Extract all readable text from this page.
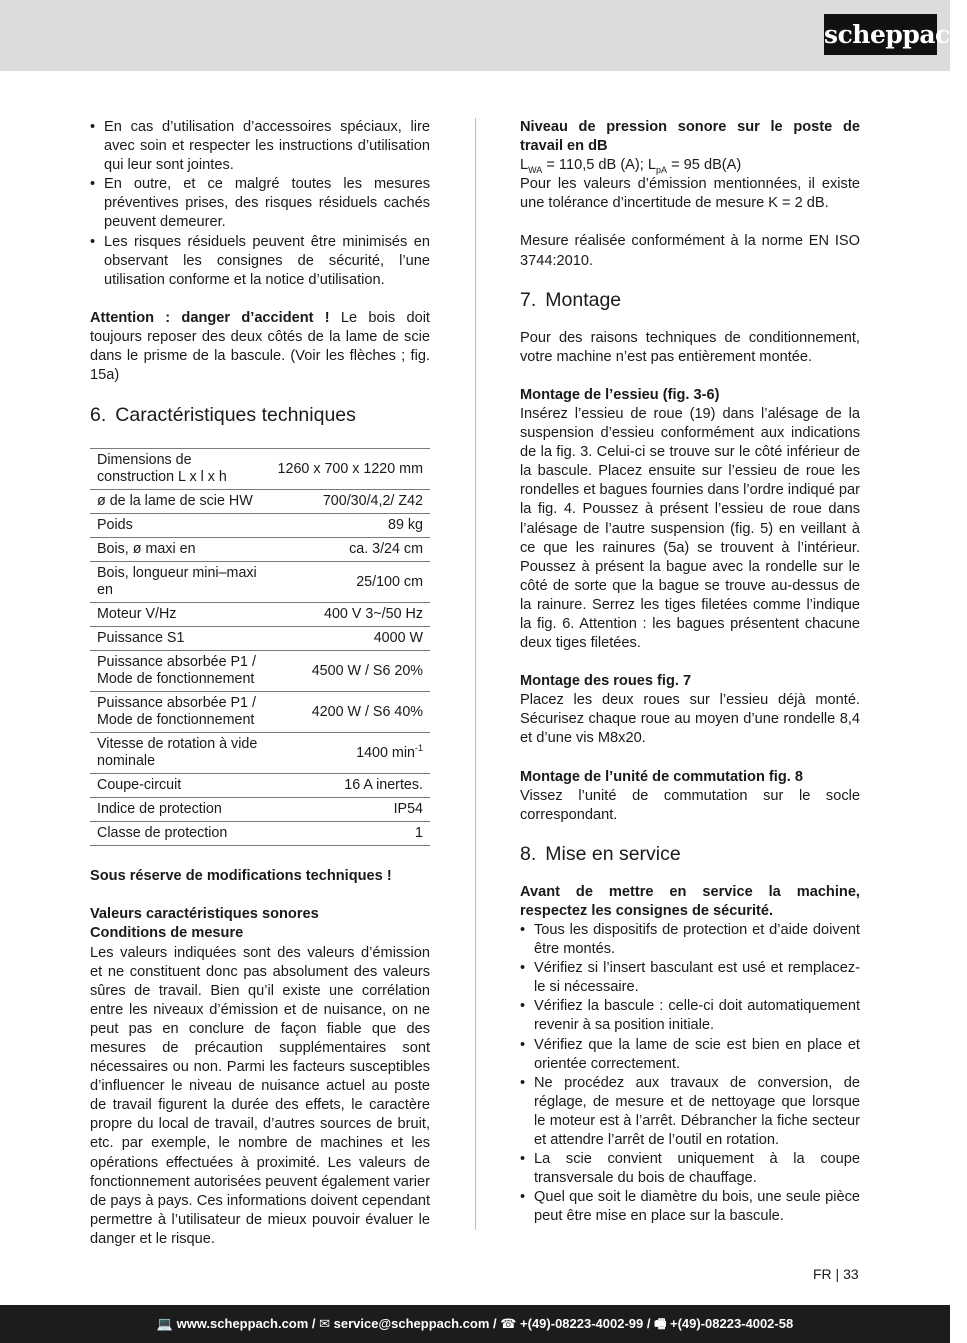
scheppach
• En cas d’utilisation d’accessoires spéciaux, lire avec soin et respecter les instructions d’utilisation qui leur sont jointes.
• En outre, et ce malgré toutes les mesures préventives prises, des risques résiduels cachés peuvent demeurer.
• Les risques résiduels peuvent être minimisés en observant les consignes de sécurité, l’une utilisation conforme et la notice d’utilisation.

Attention : danger d’accident ! Le bois doit toujours reposer des deux côtés de la lame de scie dans le prisme de la bascule. (Voir les flèches ; fig. 15a)

6. Caractéristiques techniques
Dimensions de construction L x l x h	1260 x 700 x 1220 mm
ø de la lame de scie HW	700/30/4,2/ Z42
Poids	89 kg
Bois, ø maxi en	ca. 3/24 cm
Bois, longueur mini–maxi en	25/100 cm
Moteur V/Hz	400 V 3~/50 Hz
Puissance S1	4000 W
Puissance absorbée P1 / Mode de fonctionnement	4500 W / S6 20%
Puissance absorbée P1 / Mode de fonctionnement	4200 W / S6 40%
Vitesse de rotation à vide nominale	1400 $\min^{-1}$
Coupe-circuit	16 A inertes.
Indice de protection	IP54
Classe de protection	1

Sous réserve de modifications techniques !

Valeurs caractéristiques sonores

Conditions de mesure

Les valeurs indiquées sont des valeurs d’émission et ne constituent donc pas absolument des valeurs sûres de travail. Bien qu’il existe une corrélation entre les niveaux d’émission et de nuisance, on ne peut pas en conclure de façon fiable que des mesures de précaution supplémentaires sont nécessaires ou non. Parmi les facteurs susceptibles d’influencer le niveau de nuisance actuel au poste de travail figurent la durée des effets, le caractère propre du local de travail, d’autres sources de bruit, etc. par exemple, le nombre de machines et les opérations effectuées à proximité. Les valeurs de fonctionnement autorisées peuvent également varier de pays à pays. Ces informations doivent cependant permettre à l’utilisateur de mieux pouvoir évaluer le danger et le risque.

Niveau de pression sonore sur le poste de travail en dB

$L_{WA} = 110,5$ dB (A); $L_{pA} = 95$ dB(A)

Pour les valeurs d’émission mentionnées, il existe une tolérance d’incertitude de mesure K = 2 dB.

Mesure réalisée conformément à la norme EN ISO 3744:2010.

7. Montage

Pour des raisons techniques de conditionnement, votre machine n’est pas entièrement montée.

Montage de l’essieu (fig. 3-6)

Insérez l’essieu de roue (19) dans l’alésage de la suspension d’essieu conformément aux indications de la fig. 3. Celui-ci se trouve sur le côté inférieur de la bascule. Placez ensuite sur l’essieu de roue les rondelles et bagues fournies dans l’ordre indiqué par la fig. 4. Poussez à présent l’essieu de roue dans l’alésage de l’autre suspension (fig. 5) en veillant à ce que les rainures (5a) se trouvent à l’intérieur. Poussez à présent la bague avec la rondelle sur le côté de sorte que la bague se trouve au-dessus de la rainure. Serrez les tiges filetées comme l’indique la fig. 6. Attention : les bagues présentent chacune deux tiges filetées.

Montage des roues fig. 7

Placez les deux roues sur l’essieu déjà monté. Sécurisez chaque roue au moyen d’une rondelle 8,4 et d’une vis M8x20.

Montage de l’unité de commutation fig. 8

Vissez l’unité de commutation sur le socle correspondant.

8. Mise en service

Avant de mettre en service la machine, respectez les consignes de sécurité.

• Tous les dispositifs de protection et d’aide doivent être montés.
• Vérifiez si l’insert basculant est usé et remplacez-le si nécessaire.
• Vérifiez la bascule : celle-ci doit automatiquement revenir à sa position initiale.
• Vérifiez que la lame de scie est bien en place et orientée correctement.
• Ne procédez aux travaux de conversion, de réglage, de mesure et de nettoyage que lorsque le moteur est à l’arrêt. Débrancher la fiche secteur et attendre l’arrêt de l’outil en rotation.
• La scie convient uniquement à la coupe transversale du bois de chauffage.
• Quel que soit le diamètre du bois, une seule pièce peut être mise en place sur la bascule.
FR | 33
💻 www.scheppach.com / ✉ service@scheppach.com / ☎ +(49)-08223-4002-99 / 🖷 +(49)-08223-4002-58
